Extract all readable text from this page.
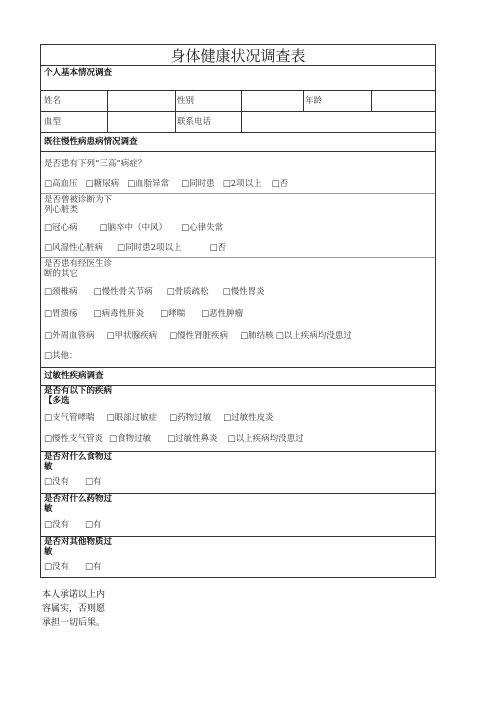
身体健康状况调查表
个人基本情况调查
姓名	性别	年龄
血型	联系电话
既往慢性病患病情况调查
是否患有下列“三高”病症？
□高血压 □糖尿病 □血脂异常 □同时患 □2项以上 □否
是否曾被诊断为下列心脏类
□冠心病	□脑卒中（中风） □心律失常
□风湿性心脏病 □同时患2项以上	□否
是否患有经医生诊断的其它
□颈椎病 □慢性骨关节病 □骨质疏松 □慢性胃炎
□胃溃疡 □病毒性肝炎 □哮喘 □恶性肿瘤
□外周血管病 □甲状腺疾病 □慢性肾脏疾病 □肺结核 □以上疾病均没患过
□其他：
过敏性疾病调查
是否有以下的疾病 【多选
□支气管哮喘 □眼部过敏症 □药物过敏 □过敏性皮炎
□慢性支气管炎 □食物过敏 □过敏性鼻炎 □以上疾病均没患过
是否对什么食物过敏
□没有 □有
是否对什么药物过敏
□没有 □有
是否对其他物质过敏
□没有 □有
本人承诺以上内容属实，否则愿承担一切后果。
